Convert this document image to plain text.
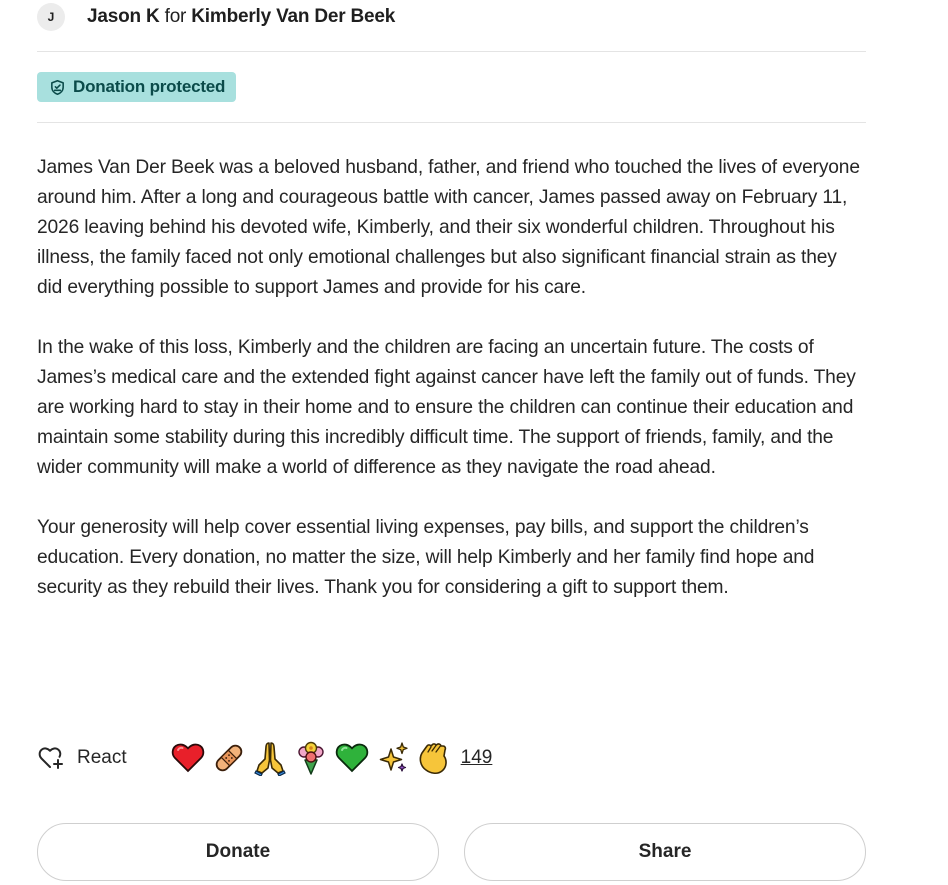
J	Jason K for Kimberly Van Der Beek
Donation protected

James Van Der Beek was a beloved husband, father, and friend who touched the lives of everyone around him. After a long and courageous battle with cancer, James passed away on February 11, 2026 leaving behind his devoted wife, Kimberly, and their six wonderful children. Throughout his illness, the family faced not only emotional challenges but also significant financial strain as they did everything possible to support James and provide for his care.

In the wake of this loss, Kimberly and the children are facing an uncertain future. The costs of James’s medical care and the extended fight against cancer have left the family out of funds. They are working hard to stay in their home and to ensure the children can continue their education and maintain some stability during this incredibly difficult time. The support of friends, family, and the wider community will make a world of difference as they navigate the road ahead.

Your generosity will help cover essential living expenses, pay bills, and support the children’s education. Every donation, no matter the size, will help Kimberly and her family find hope and security as they rebuild their lives. Thank you for considering a gift to support them.

React	149
Donate	Share
